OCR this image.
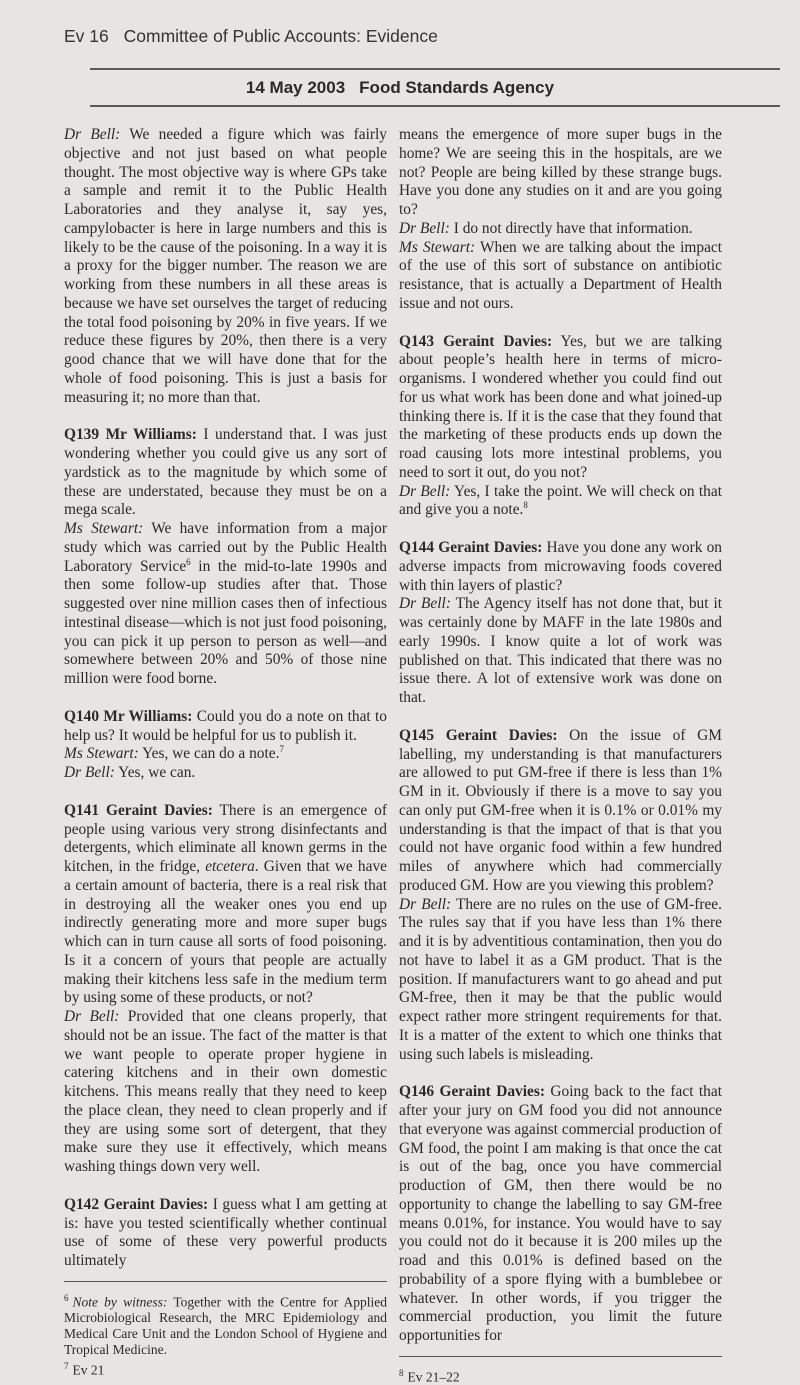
Ev 16 Committee of Public Accounts: Evidence
14 May 2003 Food Standards Agency

Dr Bell: We needed a figure which was fairly objective and not just based on what people thought. The most objective way is where GPs take a sample and remit it to the Public Health Laboratories and they analyse it, say yes, campylobacter is here in large numbers and this is likely to be the cause of the poisoning. In a way it is a proxy for the bigger number. The reason we are working from these numbers in all these areas is because we have set ourselves the target of reducing the total food poisoning by 20% in five years. If we reduce these figures by 20%, then there is a very good chance that we will have done that for the whole of food poisoning. This is just a basis for measuring it; no more than that.

Q139 Mr Williams: I understand that. I was just wondering whether you could give us any sort of yardstick as to the magnitude by which some of these are understated, because they must be on a mega scale.

Ms Stewart: We have information from a major study which was carried out by the Public Health Laboratory Service$^6$ in the mid-to-late 1990s and then some follow-up studies after that. Those suggested over nine million cases then of infectious intestinal disease—which is not just food poisoning, you can pick it up person to person as well—and somewhere between 20% and 50% of those nine million were food borne.

Q140 Mr Williams: Could you do a note on that to help us? It would be helpful for us to publish it.

Ms Stewart: Yes, we can do a note.$^7$

Dr Bell: Yes, we can.

Q141 Geraint Davies: There is an emergence of people using various very strong disinfectants and detergents, which eliminate all known germs in the kitchen, in the fridge, etcetera. Given that we have a certain amount of bacteria, there is a real risk that in destroying all the weaker ones you end up indirectly generating more and more super bugs which can in turn cause all sorts of food poisoning. Is it a concern of yours that people are actually making their kitchens less safe in the medium term by using some of these products, or not?

Dr Bell: Provided that one cleans properly, that should not be an issue. The fact of the matter is that we want people to operate proper hygiene in catering kitchens and in their own domestic kitchens. This means really that they need to keep the place clean, they need to clean properly and if they are using some sort of detergent, that they make sure they use it effectively, which means washing things down very well.

Q142 Geraint Davies: I guess what I am getting at is: have you tested scientifically whether continual use of some of these very powerful products ultimately

$^6$ Note by witness: Together with the Centre for Applied Microbiological Research, the MRC Epidemiology and Medical Care Unit and the London School of Hygiene and Tropical Medicine.

$^7$ Ev 21

means the emergence of more super bugs in the home? We are seeing this in the hospitals, are we not? People are being killed by these strange bugs. Have you done any studies on it and are you going to?

Dr Bell: I do not directly have that information.

Ms Stewart: When we are talking about the impact of the use of this sort of substance on antibiotic resistance, that is actually a Department of Health issue and not ours.

Q143 Geraint Davies: Yes, but we are talking about people’s health here in terms of micro-organisms. I wondered whether you could find out for us what work has been done and what joined-up thinking there is. If it is the case that they found that the marketing of these products ends up down the road causing lots more intestinal problems, you need to sort it out, do you not?

Dr Bell: Yes, I take the point. We will check on that and give you a note.$^8$

Q144 Geraint Davies: Have you done any work on adverse impacts from microwaving foods covered with thin layers of plastic?

Dr Bell: The Agency itself has not done that, but it was certainly done by MAFF in the late 1980s and early 1990s. I know quite a lot of work was published on that. This indicated that there was no issue there. A lot of extensive work was done on that.

Q145 Geraint Davies: On the issue of GM labelling, my understanding is that manufacturers are allowed to put GM-free if there is less than 1% GM in it. Obviously if there is a move to say you can only put GM-free when it is 0.1% or 0.01% my understanding is that the impact of that is that you could not have organic food within a few hundred miles of anywhere which had commercially produced GM. How are you viewing this problem?

Dr Bell: There are no rules on the use of GM-free. The rules say that if you have less than 1% there and it is by adventitious contamination, then you do not have to label it as a GM product. That is the position. If manufacturers want to go ahead and put GM-free, then it may be that the public would expect rather more stringent requirements for that. It is a matter of the extent to which one thinks that using such labels is misleading.

Q146 Geraint Davies: Going back to the fact that after your jury on GM food you did not announce that everyone was against commercial production of GM food, the point I am making is that once the cat is out of the bag, once you have commercial production of GM, then there would be no opportunity to change the labelling to say GM-free means 0.01%, for instance. You would have to say you could not do it because it is 200 miles up the road and this 0.01% is defined based on the probability of a spore flying with a bumblebee or whatever. In other words, if you trigger the commercial production, you limit the future opportunities for

$^8$ Ev 21–22
